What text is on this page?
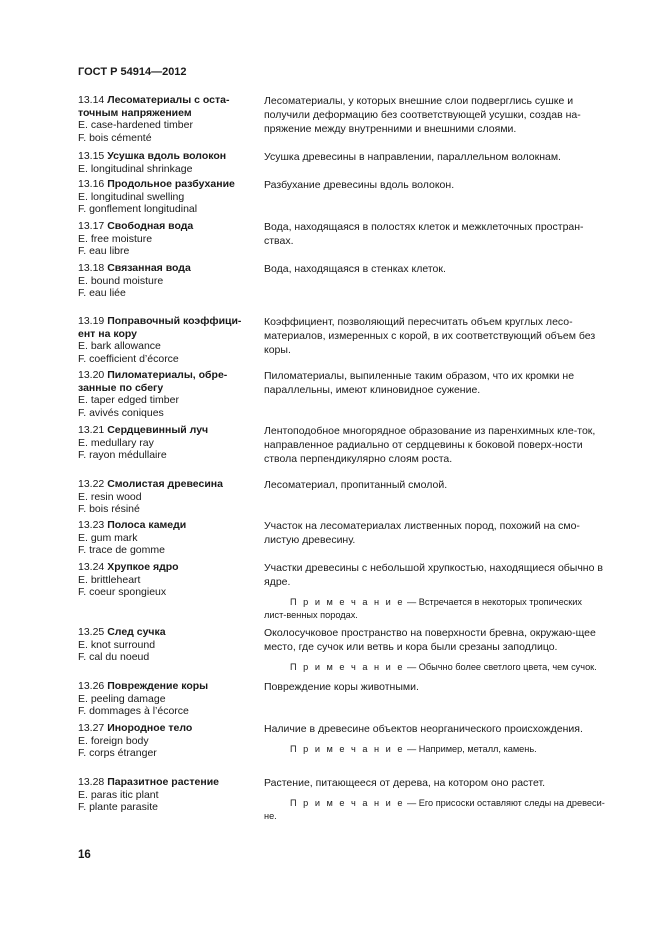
ГОСТ Р 54914—2012
13.14 Лесоматериалы с оста-точным напряжением
E. case-hardened timber
F. bois cémenté
Лесоматериалы, у которых внешние слои подверглись сушке и получили деформацию без соответствующей усушки, создав на-пряжение между внутренними и внешними слоями.
13.15 Усушка вдоль волокон
E. longitudinal shrinkage
Усушка древесины в направлении, параллельном волокнам.
13.16 Продольное разбухание
E. longitudinal swelling
F. gonflement longitudinal
Разбухание древесины вдоль волокон.
13.17 Свободная вода
E. free moisture
F. eau libre
Вода, находящаяся в полостях клеток и межклеточных простран-ствах.
13.18 Связанная вода
E. bound moisture
F. eau liée
Вода, находящаяся в стенках клеток.
13.19 Поправочный коэффици-ент на кору
E. bark allowance
F. coefficient d’écorce
Коэффициент, позволяющий пересчитать объем круглых лесо-материалов, измеренных с корой, в их соответствующий объем без коры.
13.20 Пиломатериалы, обре-занные по сбегу
E. taper edged timber
F. avivés coniques
Пиломатериалы, выпиленные таким образом, что их кромки не параллельны, имеют клиновидное сужение.
13.21 Сердцевинный луч
E. medullary ray
F. rayon médullaire
Лентоподобное многорядное образование из паренхимных кле-ток, направленное радиально от сердцевины к боковой поверх-ности ствола перпендикулярно слоям роста.
13.22 Смолистая древесина
E. resin wood
F. bois résiné
Лесоматериал, пропитанный смолой.
13.23 Полоса камеди
E. gum mark
F. trace de gomme
Участок на лесоматериалах лиственных пород, похожий на смо-листую древесину.
13.24 Хрупкое ядро
E. brittleheart
F. coeur spongieux
Участки древесины с небольшой хрупкостью, находящиеся обычно в ядре.
П р и м е ч а н и е — Встречается в некоторых тропических лист-венных породах.
13.25 След сучка
E. knot surround
F. cal du noeud
Околосучковое пространство на поверхности бревна, окружаю-щее место, где сучок или ветвь и кора были срезаны заподлицо.
П р и м е ч а н и е — Обычно более светлого цвета, чем сучок.
13.26 Повреждение коры
E. peeling damage
F. dommages à l’écorce
Повреждение коры животными.
13.27 Инородное тело
E. foreign body
F. corps étranger
Наличие в древесине объектов неорганического происхождения.
П р и м е ч а н и е — Например, металл, камень.
13.28 Паразитное растение
E. paras itic plant
F. plante parasite
Растение, питающееся от дерева, на котором оно растет.
П р и м е ч а н и е — Его присоски оставляют следы на древеси-не.
16
